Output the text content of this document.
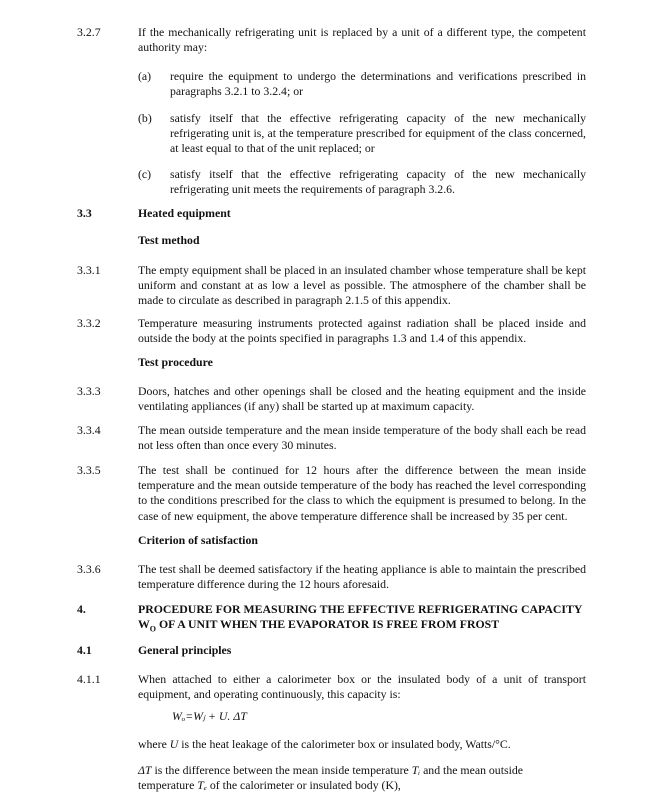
3.2.7	If the mechanically refrigerating unit is replaced by a unit of a different type, the competent authority may:
(a) require the equipment to undergo the determinations and verifications prescribed in paragraphs 3.2.1 to 3.2.4; or
(b) satisfy itself that the effective refrigerating capacity of the new mechanically refrigerating unit is, at the temperature prescribed for equipment of the class concerned, at least equal to that of the unit replaced; or
(c) satisfy itself that the effective refrigerating capacity of the new mechanically refrigerating unit meets the requirements of paragraph 3.2.6.
3.3	Heated equipment
Test method
3.3.1	The empty equipment shall be placed in an insulated chamber whose temperature shall be kept uniform and constant at as low a level as possible. The atmosphere of the chamber shall be made to circulate as described in paragraph 2.1.5 of this appendix.
3.3.2	Temperature measuring instruments protected against radiation shall be placed inside and outside the body at the points specified in paragraphs 1.3 and 1.4 of this appendix.
Test procedure
3.3.3	Doors, hatches and other openings shall be closed and the heating equipment and the inside ventilating appliances (if any) shall be started up at maximum capacity.
3.3.4	The mean outside temperature and the mean inside temperature of the body shall each be read not less often than once every 30 minutes.
3.3.5	The test shall be continued for 12 hours after the difference between the mean inside temperature and the mean outside temperature of the body has reached the level corresponding to the conditions prescribed for the class to which the equipment is presumed to belong. In the case of new equipment, the above temperature difference shall be increased by 35 per cent.
Criterion of satisfaction
3.3.6	The test shall be deemed satisfactory if the heating appliance is able to maintain the prescribed temperature difference during the 12 hours aforesaid.
4.	PROCEDURE FOR MEASURING THE EFFECTIVE REFRIGERATING CAPACITY
$W_O$ OF A UNIT WHEN THE EVAPORATOR IS FREE FROM FROST
4.1	General principles
4.1.1	When attached to either a calorimeter box or the insulated body of a unit of transport equipment, and operating continuously, this capacity is:
Wₒ=Wⱼ + U. ΔT
where U is the heat leakage of the calorimeter box or insulated body, Watts/°C.
ΔT is the difference between the mean inside temperature Tᵢ and the mean outside
temperature Tₑ of the calorimeter or insulated body (K),
